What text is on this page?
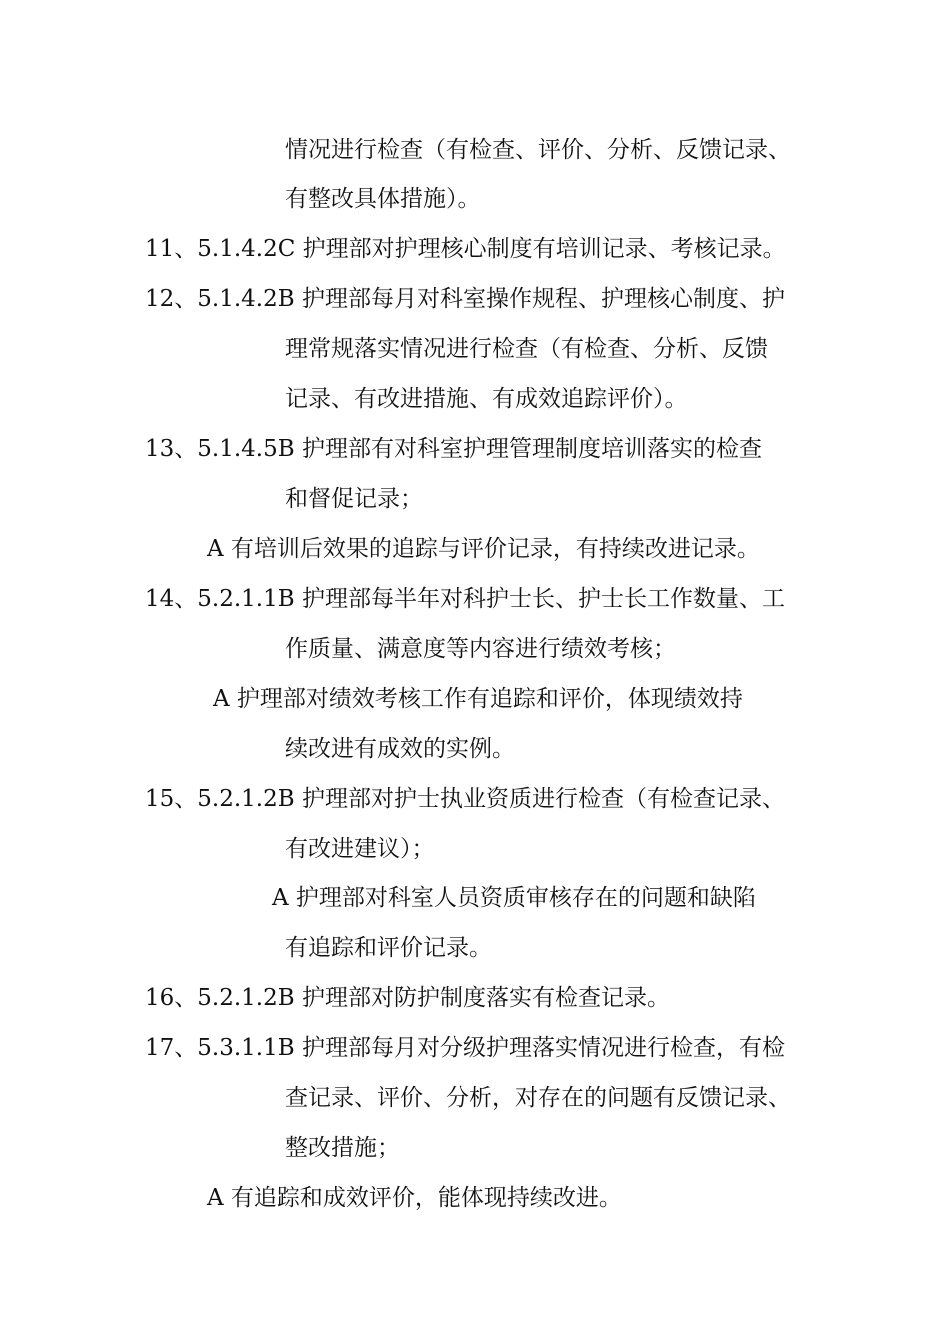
情况进行检查（有检查、评价、分析、反馈记录、
有整改具体措施）。
11、5.1.4.2C 护理部对护理核心制度有培训记录、考核记录。
12、5.1.4.2B 护理部每月对科室操作规程、护理核心制度、护
理常规落实情况进行检查（有检查、分析、反馈
记录、有改进措施、有成效追踪评价）。
13、5.1.4.5B 护理部有对科室护理管理制度培训落实的检查
和督促记录；
A 有培训后效果的追踪与评价记录，有持续改进记录。
14、5.2.1.1B 护理部每半年对科护士长、护士长工作数量、工
作质量、满意度等内容进行绩效考核；
A 护理部对绩效考核工作有追踪和评价，体现绩效持
续改进有成效的实例。
15、5.2.1.2B 护理部对护士执业资质进行检查（有检查记录、
有改进建议）；
A 护理部对科室人员资质审核存在的问题和缺陷
有追踪和评价记录。
16、5.2.1.2B 护理部对防护制度落实有检查记录。
17、5.3.1.1B 护理部每月对分级护理落实情况进行检查，有检
查记录、评价、分析，对存在的问题有反馈记录、
整改措施；
A 有追踪和成效评价，能体现持续改进。
